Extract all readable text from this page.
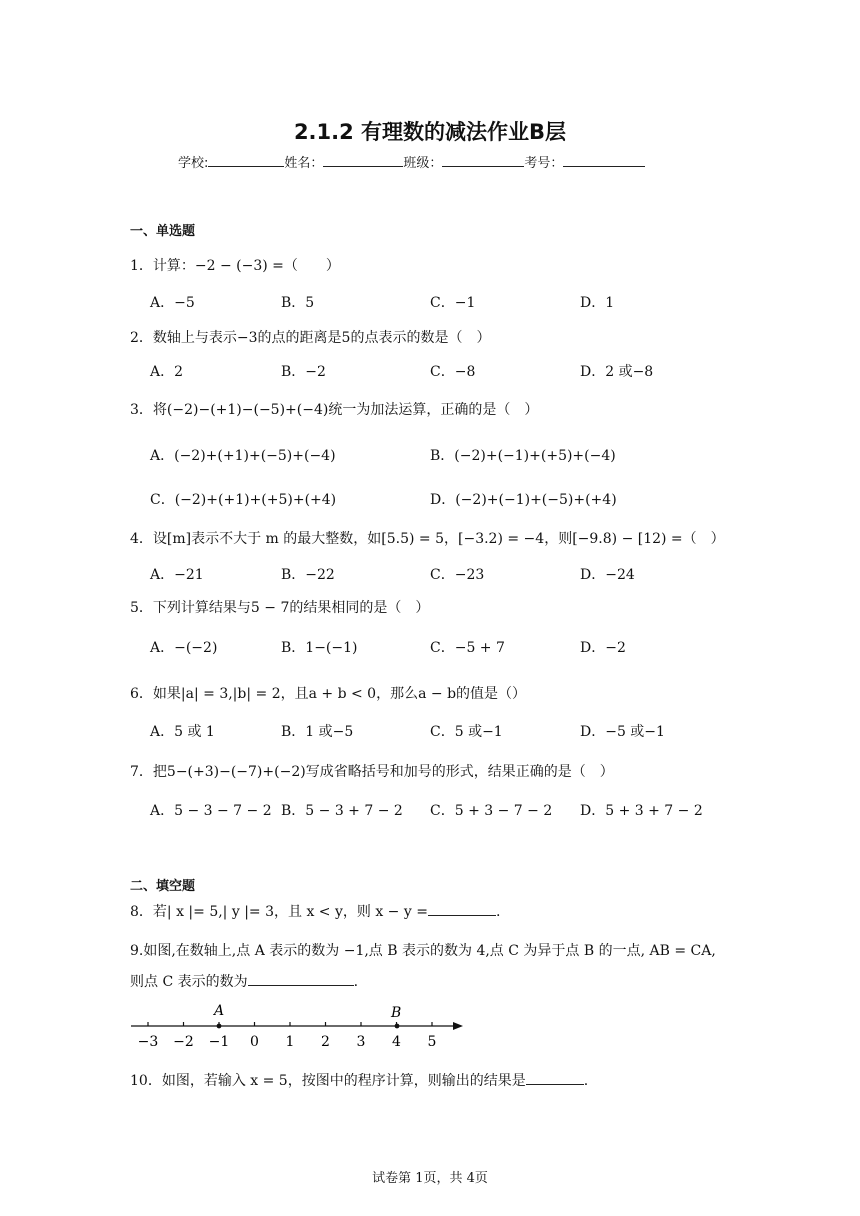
2.1.2 有理数的减法作业B层
学校:	姓名：	班级：	考号：
一、单选题
1．计算：−2 − (−3) =（　　）
A．−5	B．5	C．−1	D．1
2．数轴上与表示−3的点的距离是5的点表示的数是（　）
A．2	B．−2	C．−8	D．2 或−8
3．将(−2)−(+1)−(−5)+(−4)统一为加法运算，正确的是（　）
A．(−2)+(+1)+(−5)+(−4)	B．(−2)+(−1)+(+5)+(−4)
C．(−2)+(+1)+(+5)+(+4)	D．(−2)+(−1)+(−5)+(+4)
4．设[m]表示不大于 m 的最大整数，如[5.5) = 5，[−3.2) = −4，则[−9.8) − [12) =（　）
A．−21	B．−22	C．−23	D．−24
5．下列计算结果与5 − 7的结果相同的是（　）
A．−(−2)	B．1−(−1)	C．−5 + 7	D．−2
6．如果|a| = 3,|b| = 2，且a + b < 0，那么a − b的值是（）
A．5 或 1	B．1 或−5	C．5 或−1	D．−5 或−1
7．把5−(+3)−(−7)+(−2)写成省略括号和加号的形式，结果正确的是（　）
A．5 − 3 − 7 − 2 B．5 − 3 + 7 − 2 C．5 + 3 − 7 − 2 D．5 + 3 + 7 − 2
二、填空题
8．若| x |= 5,| y |= 3，且 x < y，则 x − y =	.
9.如图,在数轴上,点 A 表示的数为 −1,点 B 表示的数为 4,点 C 为异于点 B 的一点, AB = CA,
则点 C 表示的数为	.
A	B
−3 −2 −1 0 1 2 3 4 5
10．如图，若输入 x = 5，按图中的程序计算，则输出的结果是	.
试卷第 1页，共 4页
